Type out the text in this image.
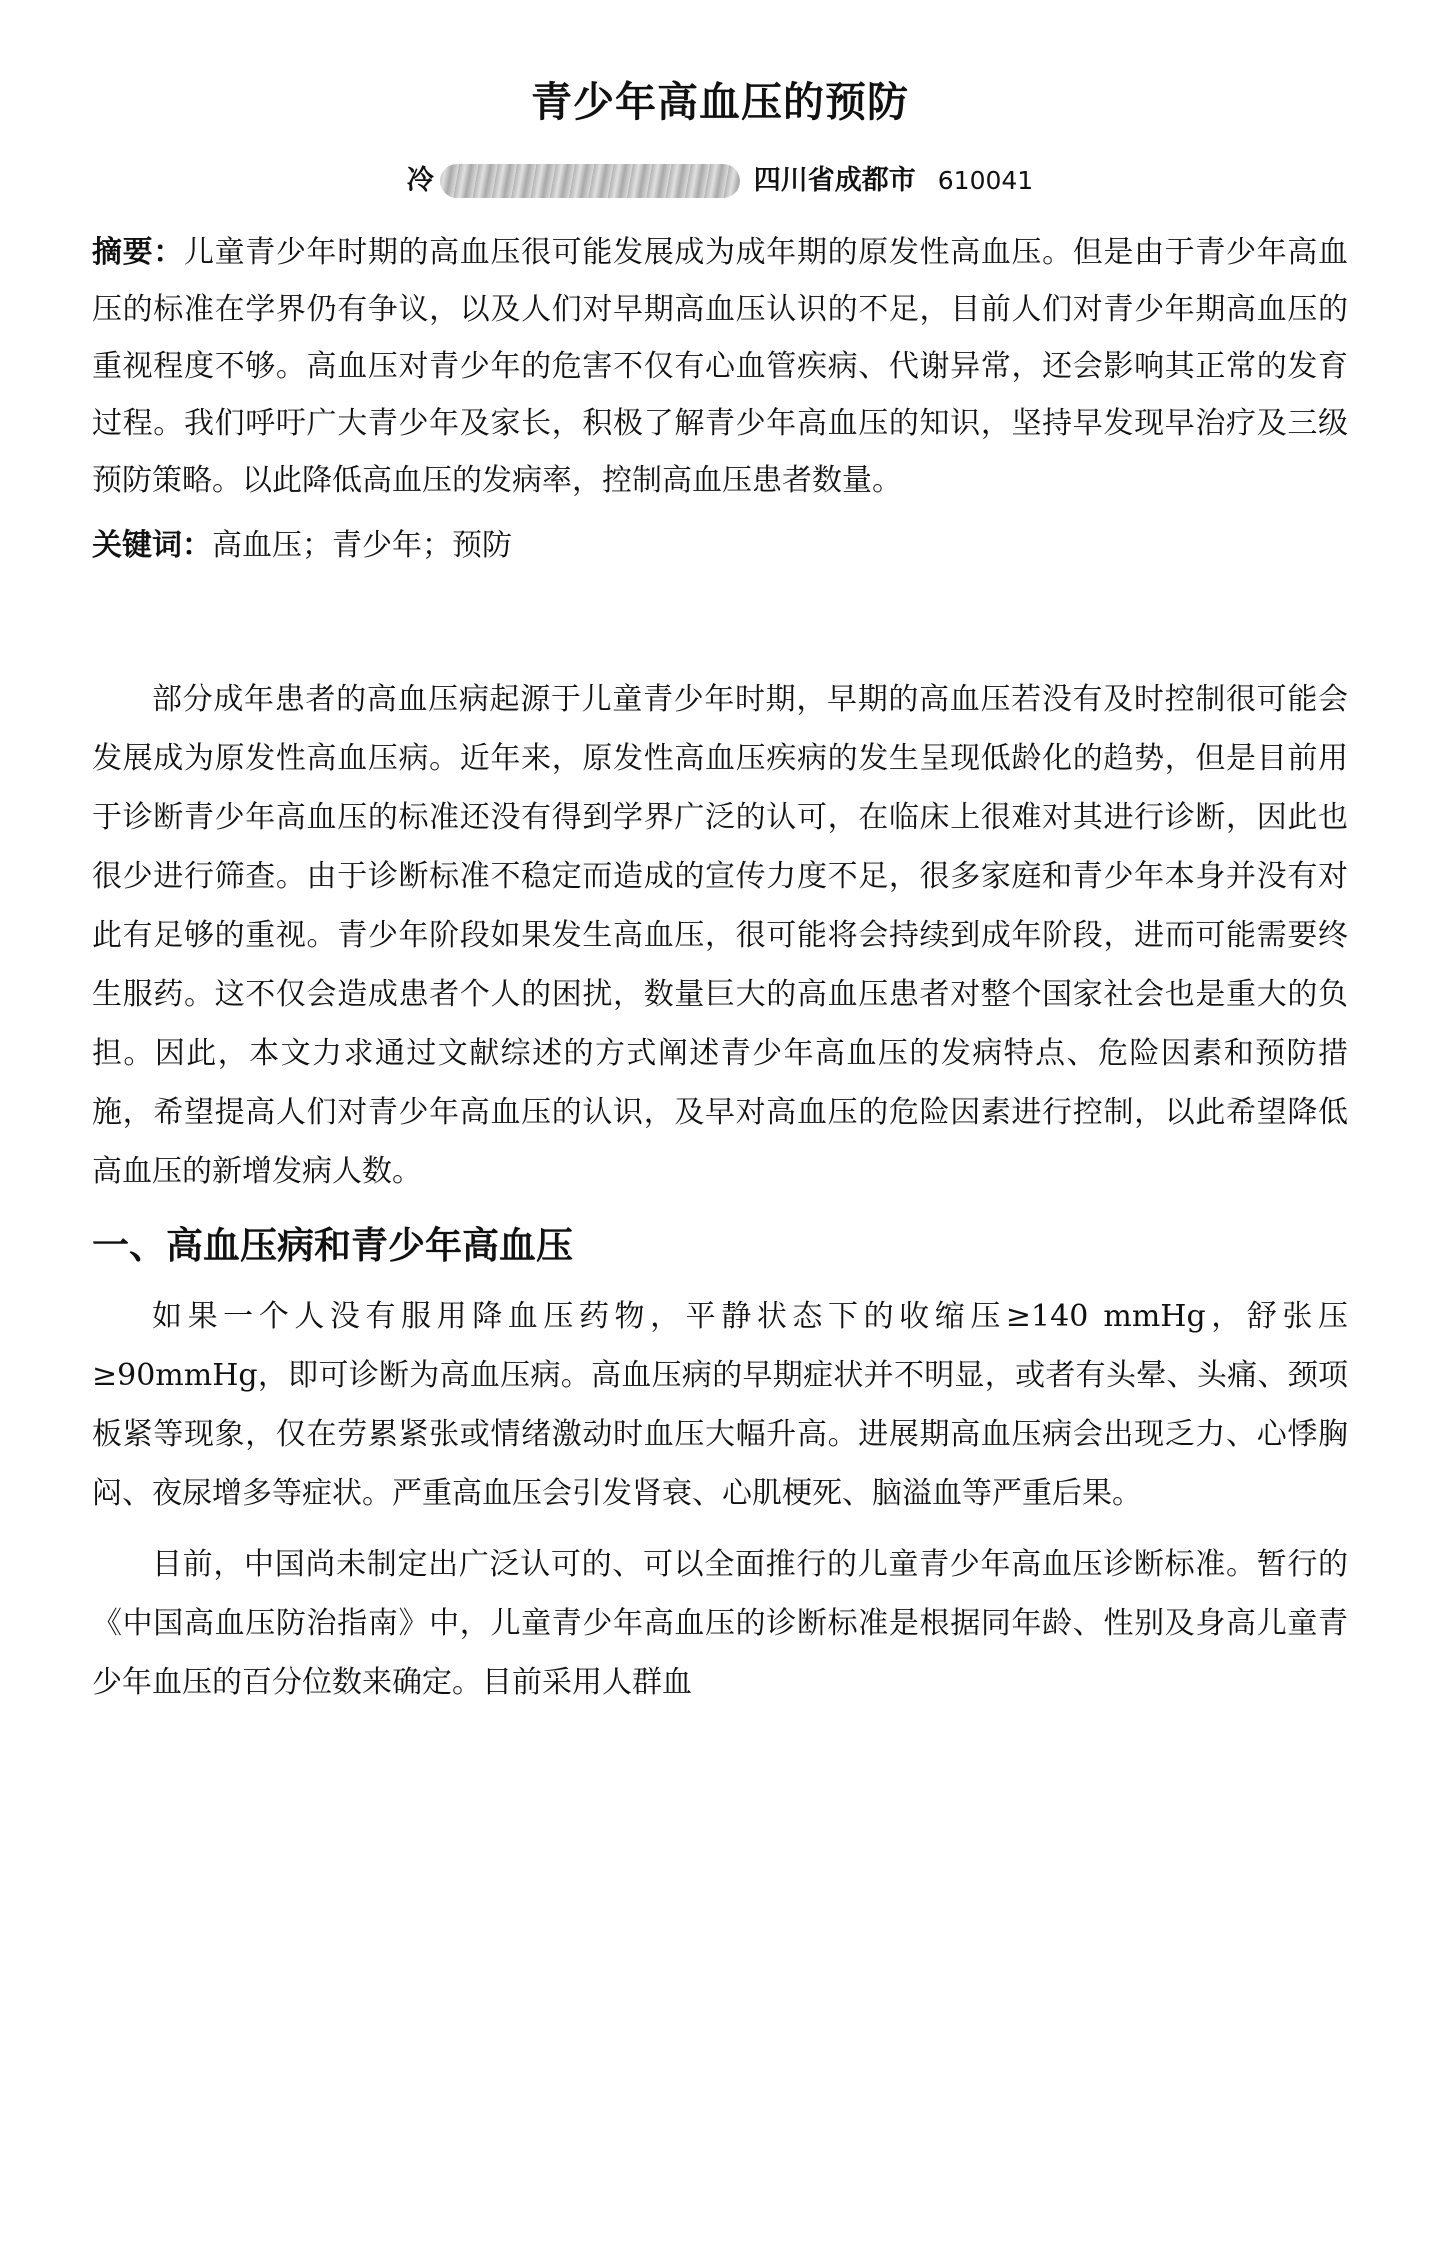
青少年高血压的预防
冷	四川省成都市 610041
摘要：儿童青少年时期的高血压很可能发展成为成年期的原发性高血压。但是由于青少年高血压的标准在学界仍有争议，以及人们对早期高血压认识的不足，目前人们对青少年期高血压的重视程度不够。高血压对青少年的危害不仅有心血管疾病、代谢异常，还会影响其正常的发育过程。我们呼吁广大青少年及家长，积极了解青少年高血压的知识，坚持早发现早治疗及三级预防策略。以此降低高血压的发病率，控制高血压患者数量。
关键词：高血压；青少年；预防

部分成年患者的高血压病起源于儿童青少年时期，早期的高血压若没有及时控制很可能会发展成为原发性高血压病。近年来，原发性高血压疾病的发生呈现低龄化的趋势，但是目前用于诊断青少年高血压的标准还没有得到学界广泛的认可，在临床上很难对其进行诊断，因此也很少进行筛查。由于诊断标准不稳定而造成的宣传力度不足，很多家庭和青少年本身并没有对此有足够的重视。青少年阶段如果发生高血压，很可能将会持续到成年阶段，进而可能需要终生服药。这不仅会造成患者个人的困扰，数量巨大的高血压患者对整个国家社会也是重大的负担。因此，本文力求通过文献综述的方式阐述青少年高血压的发病特点、危险因素和预防措施，希望提高人们对青少年高血压的认识，及早对高血压的危险因素进行控制，以此希望降低高血压的新增发病人数。

一、高血压病和青少年高血压

如果一个人没有服用降血压药物，平静状态下的收缩压≥140 mmHg，舒张压≥90mmHg，即可诊断为高血压病。高血压病的早期症状并不明显，或者有头晕、头痛、颈项板紧等现象，仅在劳累紧张或情绪激动时血压大幅升高。进展期高血压病会出现乏力、心悸胸闷、夜尿增多等症状。严重高血压会引发肾衰、心肌梗死、脑溢血等严重后果。

目前，中国尚未制定出广泛认可的、可以全面推行的儿童青少年高血压诊断标准。暂行的《中国高血压防治指南》中，儿童青少年高血压的诊断标准是根据同年龄、性别及身高儿童青少年血压的百分位数来确定。目前采用人群血
